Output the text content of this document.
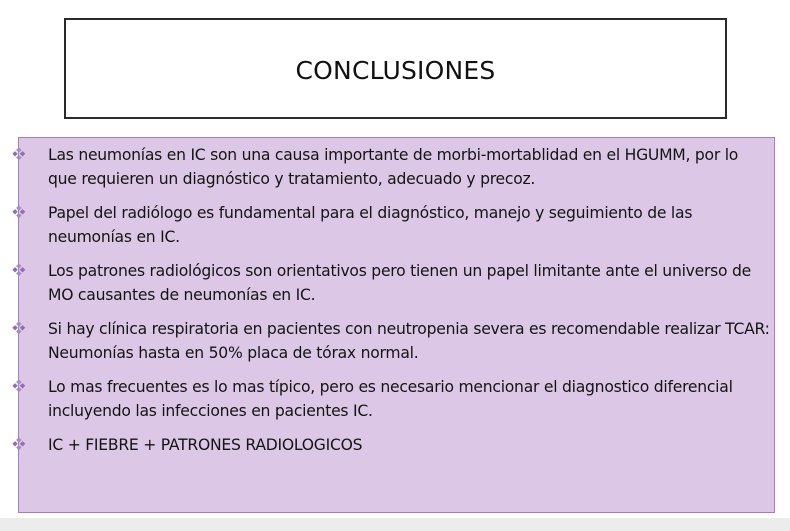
CONCLUSIONES
Las neumonías en IC son una causa importante de morbi-mortablidad en el HGUMM, por lo que requieren un diagnóstico y tratamiento, adecuado y precoz.
Papel del radiólogo es fundamental para el diagnóstico, manejo y seguimiento de las neumonías en IC.
Los patrones radiológicos son orientativos pero tienen un papel limitante ante el universo de MO causantes de neumonías en IC.
Si hay clínica respiratoria en pacientes con neutropenia severa es recomendable realizar TCAR: Neumonías hasta en 50% placa de tórax normal.
Lo mas frecuentes es lo mas típico, pero es necesario mencionar el diagnostico diferencial incluyendo las infecciones en pacientes IC.
IC + FIEBRE + PATRONES RADIOLOGICOS
